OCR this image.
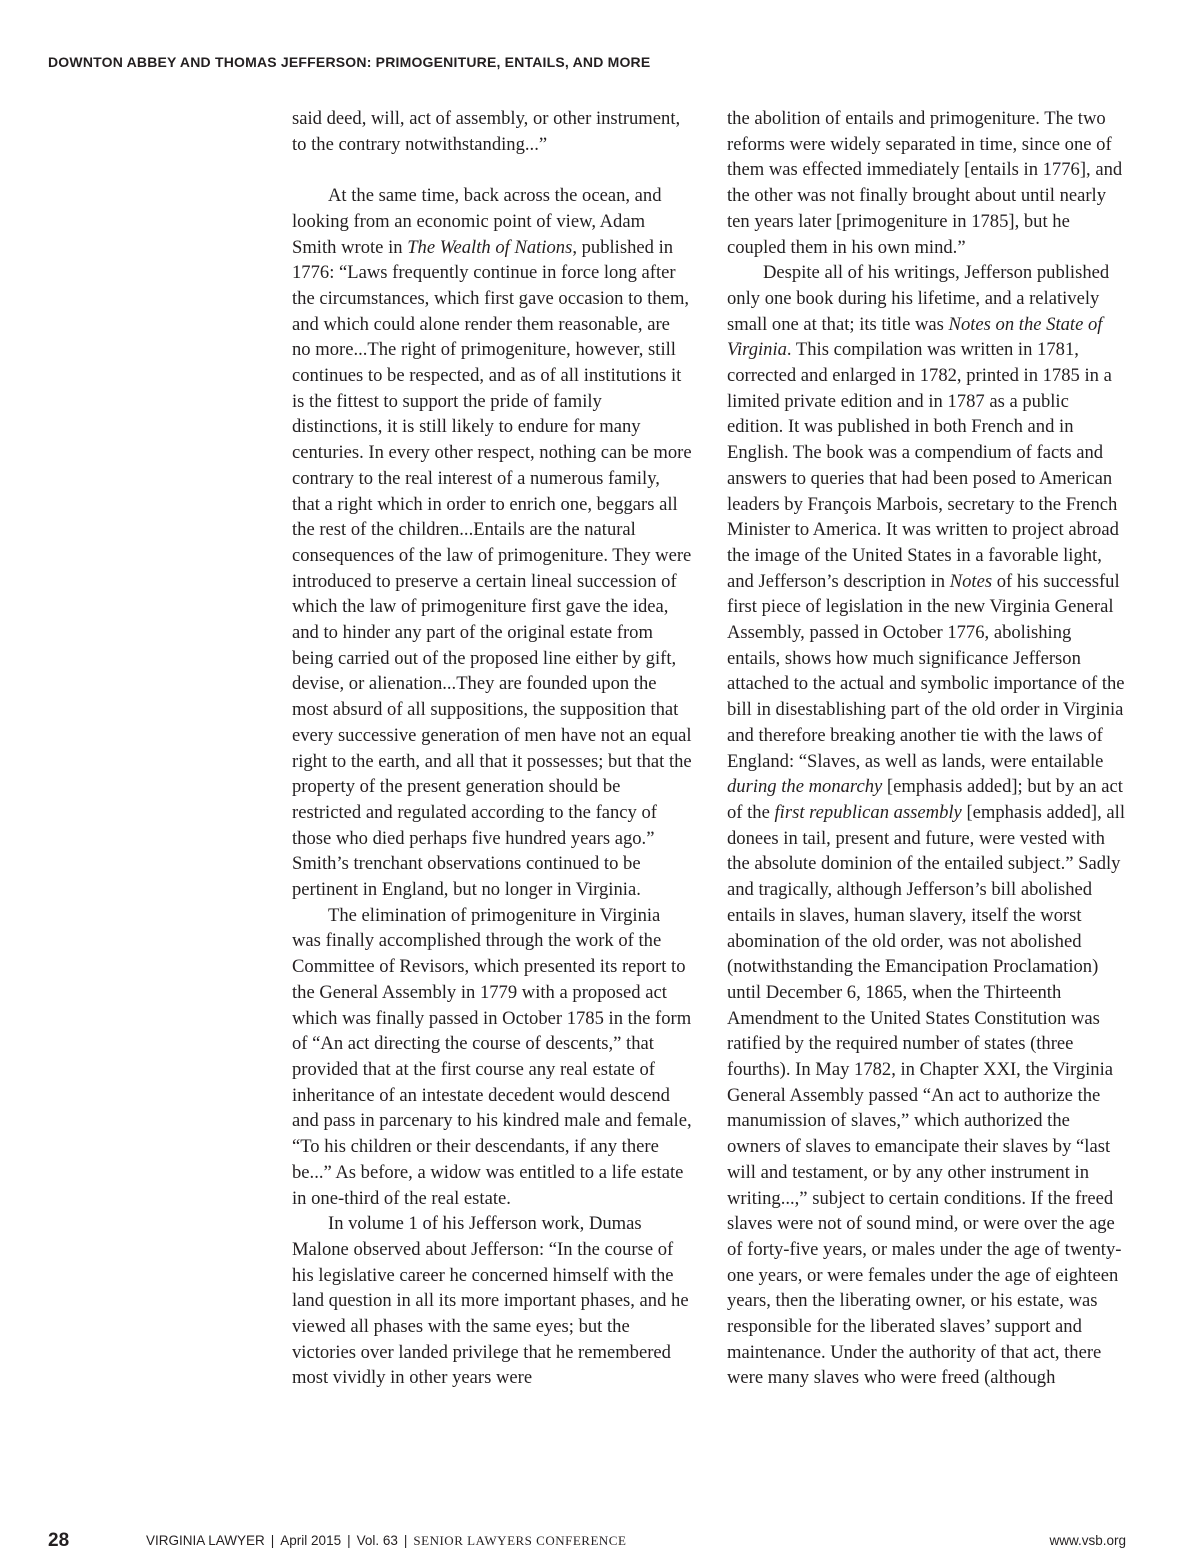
DOWNTON ABBEY AND THOMAS JEFFERSON: PRIMOGENITURE, ENTAILS, AND MORE

said deed, will, act of assembly, or other instrument, to the contrary notwithstanding...”

At the same time, back across the ocean, and looking from an economic point of view, Adam Smith wrote in The Wealth of Nations, published in 1776: “Laws frequently continue in force long after the circumstances, which first gave occasion to them, and which could alone render them reasonable, are no more...The right of primogeniture, however, still continues to be respected, and as of all institutions it is the fittest to support the pride of family distinctions, it is still likely to endure for many centuries. In every other respect, nothing can be more contrary to the real interest of a numerous family, that a right which in order to enrich one, beggars all the rest of the children...Entails are the natural consequences of the law of primogeniture. They were introduced to preserve a certain lineal succession of which the law of primogeniture first gave the idea, and to hinder any part of the original estate from being carried out of the proposed line either by gift, devise, or alienation...They are founded upon the most absurd of all suppositions, the supposition that every successive generation of men have not an equal right to the earth, and all that it possesses; but that the property of the present generation should be restricted and regulated according to the fancy of those who died perhaps five hundred years ago.” Smith’s trenchant observations continued to be pertinent in England, but no longer in Virginia.

The elimination of primogeniture in Virginia was finally accomplished through the work of the Committee of Revisors, which presented its report to the General Assembly in 1779 with a proposed act which was finally passed in October 1785 in the form of “An act directing the course of descents,” that provided that at the first course any real estate of inheritance of an intestate decedent would descend and pass in parcenary to his kindred male and female, “To his children or their descendants, if any there be...” As before, a widow was entitled to a life estate in one-third of the real estate.

In volume 1 of his Jefferson work, Dumas Malone observed about Jefferson: “In the course of his legislative career he concerned himself with the land question in all its more important phases, and he viewed all phases with the same eyes; but the victories over landed privilege that he remembered most vividly in other years were

the abolition of entails and primogeniture. The two reforms were widely separated in time, since one of them was effected immediately [entails in 1776], and the other was not finally brought about until nearly ten years later [primogeniture in 1785], but he coupled them in his own mind.”

Despite all of his writings, Jefferson published only one book during his lifetime, and a relatively small one at that; its title was Notes on the State of Virginia. This compilation was written in 1781, corrected and enlarged in 1782, printed in 1785 in a limited private edition and in 1787 as a public edition. It was published in both French and in English. The book was a compendium of facts and answers to queries that had been posed to American leaders by François Marbois, secretary to the French Minister to America. It was written to project abroad the image of the United States in a favorable light, and Jefferson’s description in Notes of his successful first piece of legislation in the new Virginia General Assembly, passed in October 1776, abolishing entails, shows how much significance Jefferson attached to the actual and symbolic importance of the bill in disestablishing part of the old order in Virginia and therefore breaking another tie with the laws of England: “Slaves, as well as lands, were entailable during the monarchy [emphasis added]; but by an act of the first republican assembly [emphasis added], all donees in tail, present and future, were vested with the absolute dominion of the entailed subject.” Sadly and tragically, although Jefferson’s bill abolished entails in slaves, human slavery, itself the worst abomination of the old order, was not abolished (notwithstanding the Emancipation Proclamation) until December 6, 1865, when the Thirteenth Amendment to the United States Constitution was ratified by the required number of states (three fourths). In May 1782, in Chapter XXI, the Virginia General Assembly passed “An act to authorize the manumission of slaves,” which authorized the owners of slaves to emancipate their slaves by “last will and testament, or by any other instrument in writing...,” subject to certain conditions. If the freed slaves were not of sound mind, or were over the age of forty-five years, or males under the age of twenty-one years, or were females under the age of eighteen years, then the liberating owner, or his estate, was responsible for the liberated slaves’ support and maintenance. Under the authority of that act, there were many slaves who were freed (although

28	VIRGINIA LAWYER | April 2015 | Vol. 63 | SENIOR LAWYERS CONFERENCE	www.vsb.org
